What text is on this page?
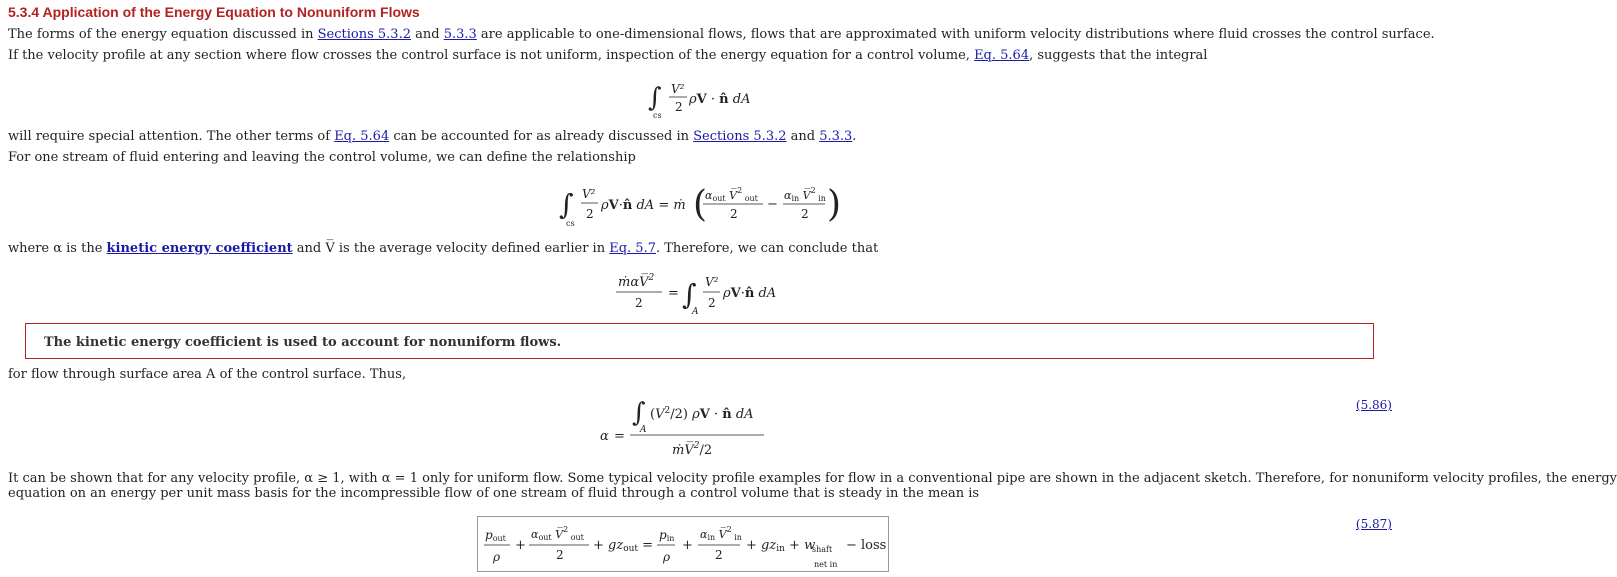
5.3.4 Application of the Energy Equation to Nonuniform Flows
The forms of the energy equation discussed in Sections 5.3.2 and 5.3.3 are applicable to one-dimensional flows, flows that are approximated with uniform velocity distributions where fluid crosses the control surface.
If the velocity profile at any section where flow crosses the control surface is not uniform, inspection of the energy equation for a control volume, Eq. 5.64, suggests that the integral
∫
cs
V²
2 ρV · n̂ dA
will require special attention. The other terms of Eq. 5.64 can be accounted for as already discussed in Sections 5.3.2 and 5.3.3.
For one stream of fluid entering and leaving the control volume, we can define the relationship
∫
cs
V²
2
ρV·n̂ dA = ṁ (
αout V̅$^2$ $_{out}$
2
−
αin V̅$^2$ $_{in}$
2 )
where α is the kinetic energy coefficient and V̅ is the average velocity defined earlier in Eq. 5.7. Therefore, we can conclude that
ṁαV̅$^2$
2
= ∫
A
V²
2
ρV·n̂ dA
The kinetic energy coefficient is used to account for nonuniform flows.
for flow through surface area A of the control surface. Thus,
α =
∫
A
$(V^2/2) \rho V$ · n̂ dA
ṁV̅$^2$/2
(5.86)
It can be shown that for any velocity profile, α ≥ 1, with α = 1 only for uniform flow. Some typical velocity profile examples for flow in a conventional pipe are shown in the adjacent sketch. Therefore, for nonuniform velocity profiles, the energy
equation on an energy per unit mass basis for the incompressible flow of one stream of fluid through a control volume that is steady in the mean is
pout
ρ
+
αout V̅$^2$ $_{out}$
2
+ gzout =
pin
ρ
+
αin V̅$^2$ $_{in}$
2
+ gzin + w
shaft
net in
− loss
(5.87)
